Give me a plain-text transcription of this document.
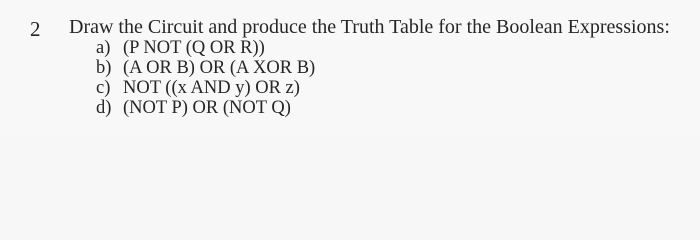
2 Draw the Circuit and produce the Truth Table for the Boolean Expressions:
a) (P NOT (Q OR R))
b) (A OR B) OR (A XOR B)
c) NOT ((x AND y) OR z)
d) (NOT P) OR (NOT Q)
